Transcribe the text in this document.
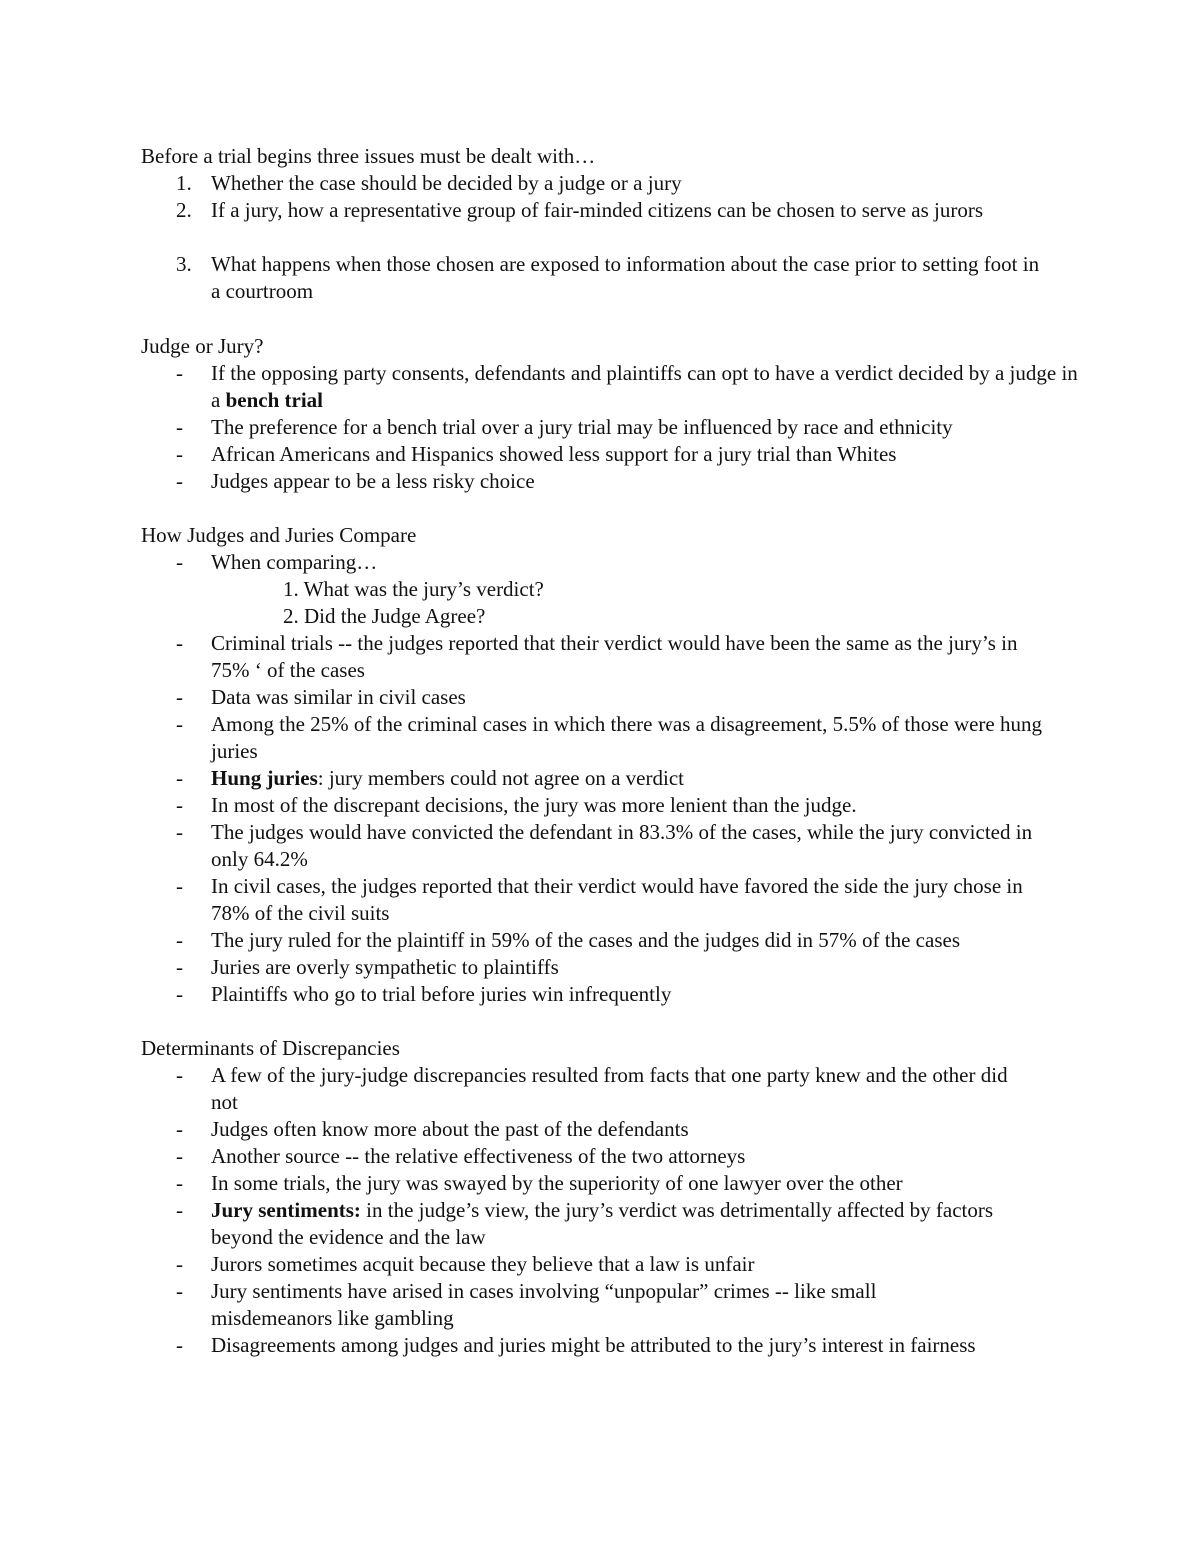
Before a trial begins three issues must be dealt with…
1. Whether the case should be decided by a judge or a jury
2. If a jury, how a representative group of fair-minded citizens can be chosen to serve as jurors
3. What happens when those chosen are exposed to information about the case prior to setting foot in a courtroom
Judge or Jury?
- If the opposing party consents, defendants and plaintiffs can opt to have a verdict decided by a judge in a bench trial
- The preference for a bench trial over a jury trial may be influenced by race and ethnicity
- African Americans and Hispanics showed less support for a jury trial than Whites
- Judges appear to be a less risky choice
How Judges and Juries Compare
- When comparing…
1. What was the jury’s verdict?
2. Did the Judge Agree?
- Criminal trials -- the judges reported that their verdict would have been the same as the jury’s in 75% ‘ of the cases
- Data was similar in civil cases
- Among the 25% of the criminal cases in which there was a disagreement, 5.5% of those were hung juries
- Hung juries: jury members could not agree on a verdict
- In most of the discrepant decisions, the jury was more lenient than the judge.
- The judges would have convicted the defendant in 83.3% of the cases, while the jury convicted in only 64.2%
- In civil cases, the judges reported that their verdict would have favored the side the jury chose in 78% of the civil suits
- The jury ruled for the plaintiff in 59% of the cases and the judges did in 57% of the cases
- Juries are overly sympathetic to plaintiffs
- Plaintiffs who go to trial before juries win infrequently
Determinants of Discrepancies
- A few of the jury-judge discrepancies resulted from facts that one party knew and the other did not
- Judges often know more about the past of the defendants
- Another source -- the relative effectiveness of the two attorneys
- In some trials, the jury was swayed by the superiority of one lawyer over the other
- Jury sentiments: in the judge’s view, the jury’s verdict was detrimentally affected by factors beyond the evidence and the law
- Jurors sometimes acquit because they believe that a law is unfair
- Jury sentiments have arised in cases involving “unpopular” crimes -- like small misdemeanors like gambling
- Disagreements among judges and juries might be attributed to the jury’s interest in fairness
